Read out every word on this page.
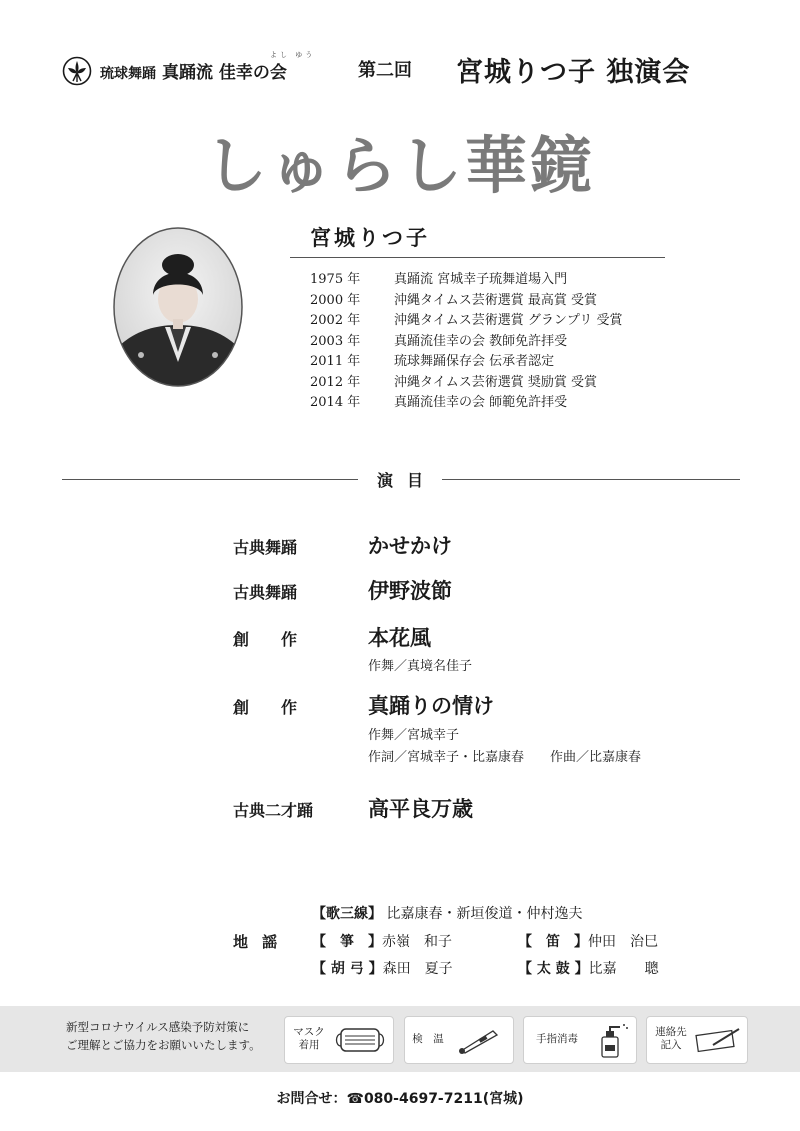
琉球舞踊 真踊流 佳幸の会
よし ゆう
第二回 宮城りつ子 独演会
しゅらし華鏡
宮城りつ子
1975 年	真踊流 宮城幸子琉舞道場入門
2000 年	沖縄タイムス芸術選賞 最高賞 受賞
2002 年	沖縄タイムス芸術選賞 グランプリ 受賞
2003 年	真踊流佳幸の会 教師免許拝受
2011 年	琉球舞踊保存会 伝承者認定
2012 年	沖縄タイムス芸術選賞 奨励賞 受賞
2014 年	真踊流佳幸の会 師範免許拝受
演目
古典舞踊	かせかけ
古典舞踊	伊野波節
創　　作	本花風
作舞／真境名佳子
創　　作	真踊りの情け
作舞／宮城幸子
作詞／宮城幸子・比嘉康春　　作曲／比嘉康春
古典二才踊	高平良万歳
地謡
【歌三線】 比嘉康春・新垣俊道・仲村逸夫
【　箏　】赤嶺　和子	【　笛　】仲田　治巳
【 胡 弓 】森田　夏子	【 太 鼓 】比嘉　　聰
新型コロナウイルス感染予防対策に
ご理解とご協力をお願いいたします。
マスク
着用	検　温	手指消毒
連絡先
記入
お問合せ：☎080-4697-7211(宮城)
